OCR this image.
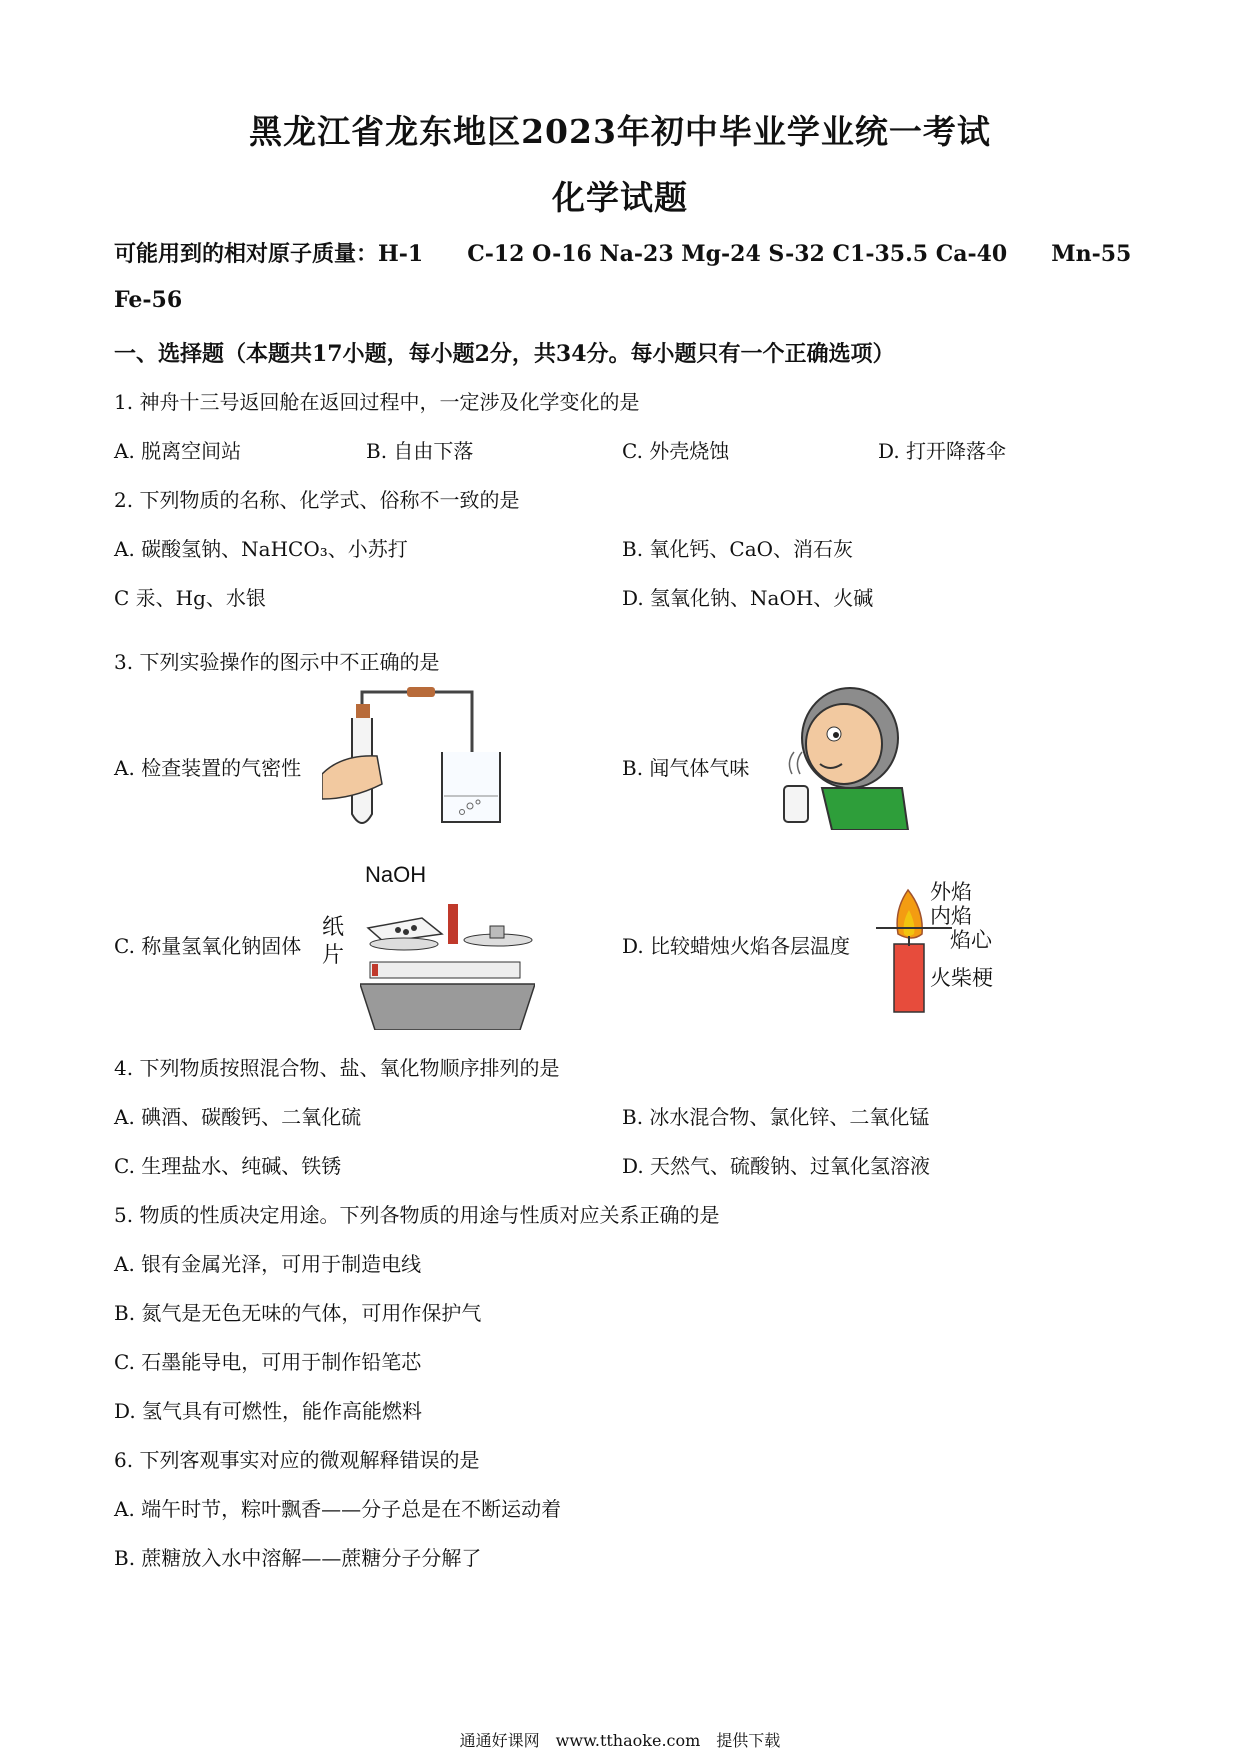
黑龙江省龙东地区2023年初中毕业学业统一考试
化学试题
可能用到的相对原子质量：H-1　　C-12 O-16 Na-23 Mg-24 S-32 C1-35.5 Ca-40　　Mn-55
Fe-56
一、选择题（本题共17小题，每小题2分，共34分。每小题只有一个正确选项）
1. 神舟十三号返回舱在返回过程中，一定涉及化学变化的是
A. 脱离空间站	B. 自由下落	C. 外壳烧蚀	D. 打开降落伞
2. 下列物质的名称、化学式、俗称不一致的是
A. 碳酸氢钠、NaHCO₃、小苏打	B. 氧化钙、CaO、消石灰
C 汞、Hg、水银	D. 氢氧化钠、NaOH、火碱
3. 下列实验操作的图示中不正确的是
A. 检查装置的气密性	B. 闻气体气味
C. 称量氢氧化钠固体	D. 比较蜡烛火焰各层温度
NaOH
纸
片
外焰
内焰
焰心
火柴梗
4. 下列物质按照混合物、盐、氧化物顺序排列的是
A. 碘酒、碳酸钙、二氧化硫	B. 冰水混合物、氯化锌、二氧化锰
C. 生理盐水、纯碱、铁锈	D. 天然气、硫酸钠、过氧化氢溶液
5. 物质的性质决定用途。下列各物质的用途与性质对应关系正确的是
A. 银有金属光泽，可用于制造电线
B. 氮气是无色无味的气体，可用作保护气
C. 石墨能导电，可用于制作铅笔芯
D. 氢气具有可燃性，能作高能燃料
6. 下列客观事实对应的微观解释错误的是
A. 端午时节，粽叶飘香——分子总是在不断运动着
B. 蔗糖放入水中溶解——蔗糖分子分解了
通通好课网　www.tthaoke.com　提供下载
